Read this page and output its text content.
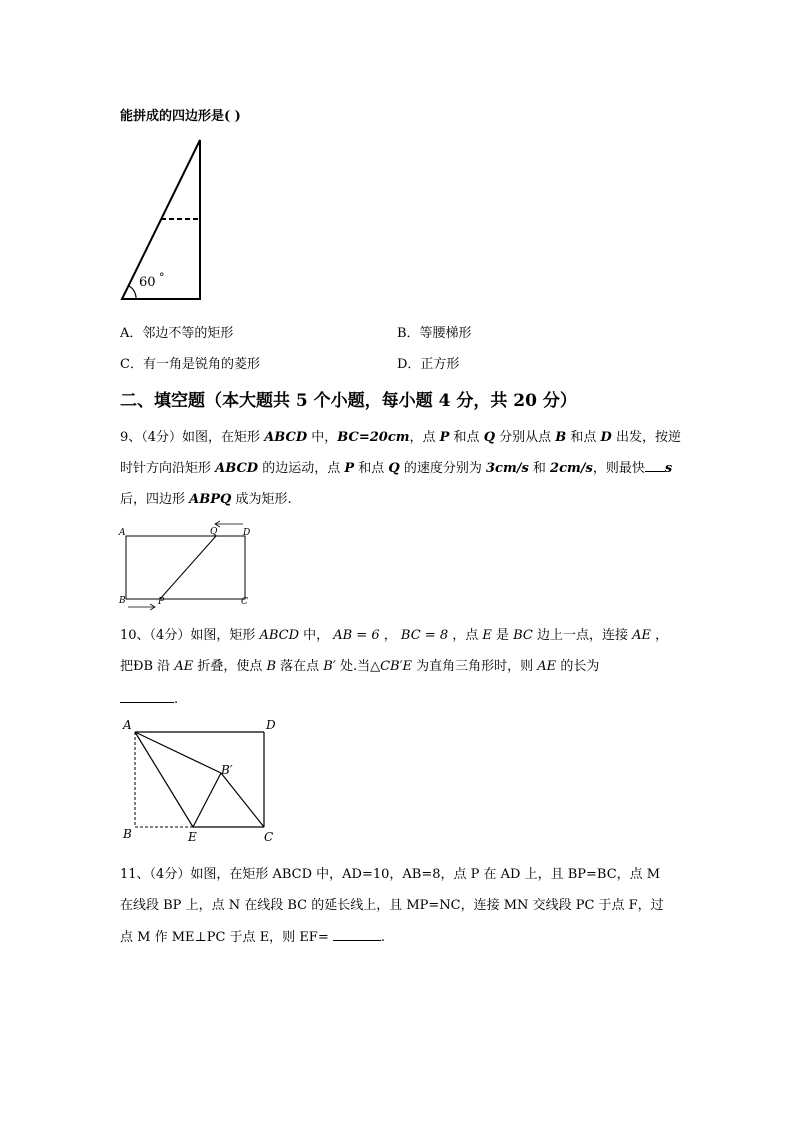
能拼成的四边形是( )
60 °
A．邻边不等的矩形	B．等腰梯形
C．有一角是锐角的菱形	D．正方形
二、填空题（本大题共 5 个小题，每小题 4 分，共 20 分）
9、（4分）如图，在矩形 ABCD 中，BC=20cm，点 P 和点 Q 分别从点 B 和点 D 出发，按逆
时针方向沿矩形 ABCD 的边运动，点 P 和点 Q 的速度分别为 3cm/s 和 2cm/s，则最快 s
后，四边形 ABPQ 成为矩形.
A	Q	D
B	P	C
10、（4分）如图，矩形 ABCD 中， AB = 6 ， BC = 8 ，点 E 是 BC 边上一点，连接 AE ，
把ÐB 沿 AE 折叠，使点 B 落在点 B′ 处.当△CB′E 为直角三角形时，则 AE 的长为
.
A	D
B′
B	E	C
11、（4分）如图，在矩形 ABCD 中，AD=10，AB=8，点 P 在 AD 上，且 BP=BC，点 M
在线段 BP 上，点 N 在线段 BC 的延长线上，且 MP=NC，连接 MN 交线段 PC 于点 F，过
点 M 作 ME⊥PC 于点 E，则 EF=	.
